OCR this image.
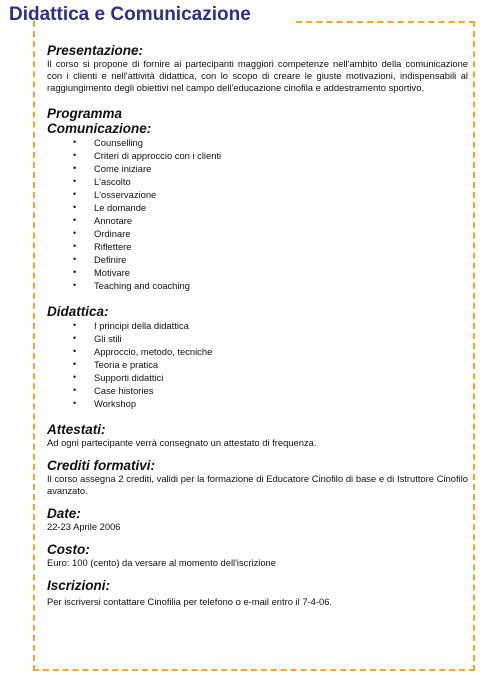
Didattica e Comunicazione
Presentazione:

Il corso si propone di fornire ai partecipanti maggiori competenze nell'ambito della comunicazione con i clienti e nell'attività didattica, con lo scopo di creare le giuste motivazioni, indispensabili al raggiungimento degli obiettivi nel campo dell'educazione cinofila e addestramento sportivo.

Programma
Comunicazione:
• Counselling
• Criteri di approccio con i clienti
• Come iniziare
• L'ascolto
• L'osservazione
• Le domande
• Annotare
• Ordinare
• Riflettere
• Definire
• Motivare
• Teaching and coaching
Didattica:
• I principi della didattica
• Gli stili
• Approccio, metodo, tecniche
• Teoria e pratica
• Supporti didattici
• Case histories
• Workshop
Attestati:

Ad ogni partecipante verrà consegnato un attestato di frequenza.

Crediti formativi:

Il corso assegna 2 crediti, validi per la formazione di Educatore Cinofilo di base e di Istruttore Cinofilo avanzato.

Date:

22-23 Aprile 2006

Costo:

Euro: 100 (cento) da versare al momento dell'iscrizione

Iscrizioni:

Per iscriversi contattare Cinofilia per telefono o e-mail entro il 7-4-06.
